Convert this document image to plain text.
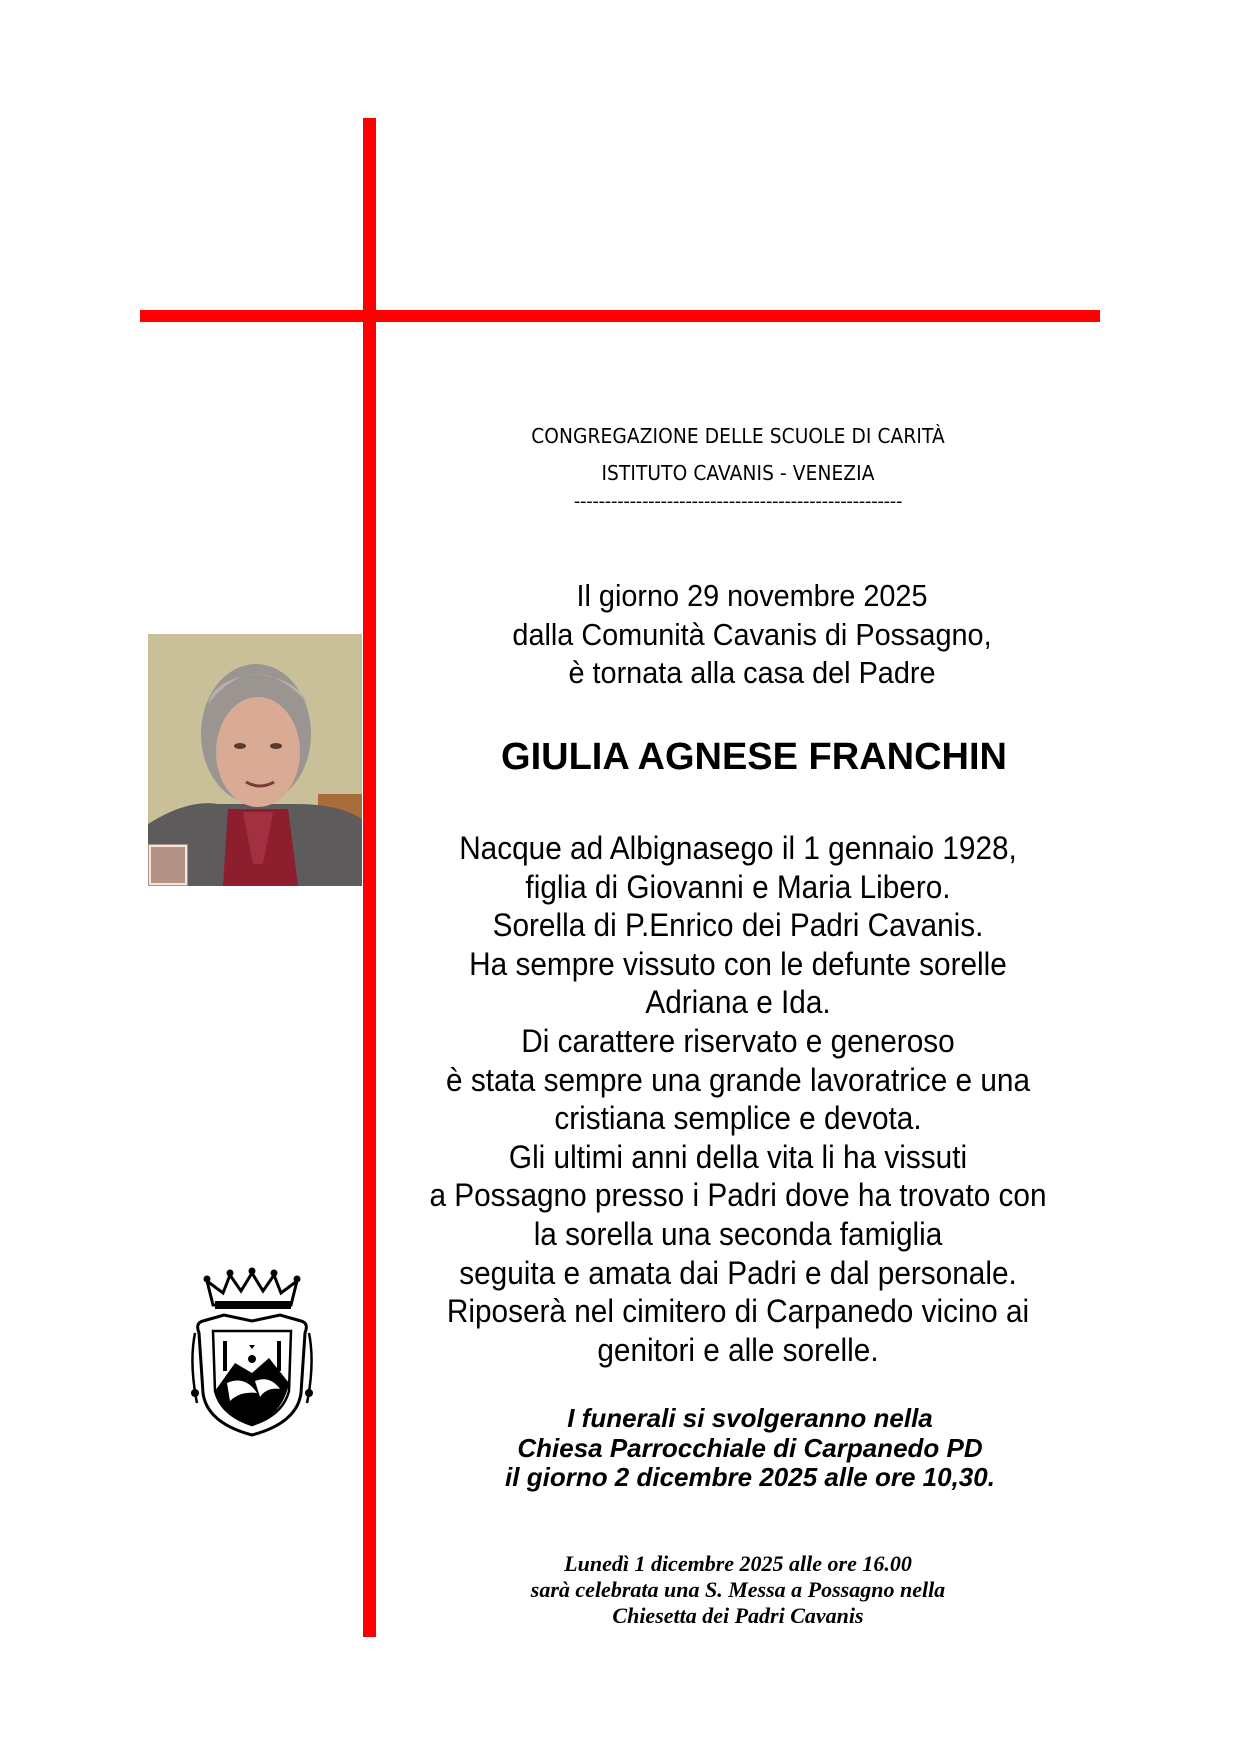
CONGREGAZIONE DELLE SCUOLE DI CARITÀ
ISTITUTO CAVANIS - VENEZIA
-----------------------------------------------------
Il giorno 29 novembre 2025
dalla Comunità Cavanis di Possagno,
è tornata alla casa del Padre
GIULIA AGNESE FRANCHIN
Nacque ad Albignasego il 1 gennaio 1928,
figlia di Giovanni e Maria Libero.
Sorella di P.Enrico dei Padri Cavanis.
Ha sempre vissuto con le defunte sorelle
Adriana e Ida.
Di carattere riservato e generoso
è stata sempre una grande lavoratrice e una
cristiana semplice e devota.
Gli ultimi anni della vita li ha vissuti
a Possagno presso i Padri dove ha trovato con
la sorella una seconda famiglia
seguita e amata dai Padri e dal personale.
Riposerà nel cimitero di Carpanedo vicino ai
genitori e alle sorelle.
I funerali si svolgeranno nella
Chiesa Parrocchiale di Carpanedo PD
il giorno 2 dicembre 2025 alle ore 10,30.
Lunedì 1 dicembre 2025 alle ore 16.00
sarà celebrata una S. Messa a Possagno nella
Chiesetta dei Padri Cavanis
